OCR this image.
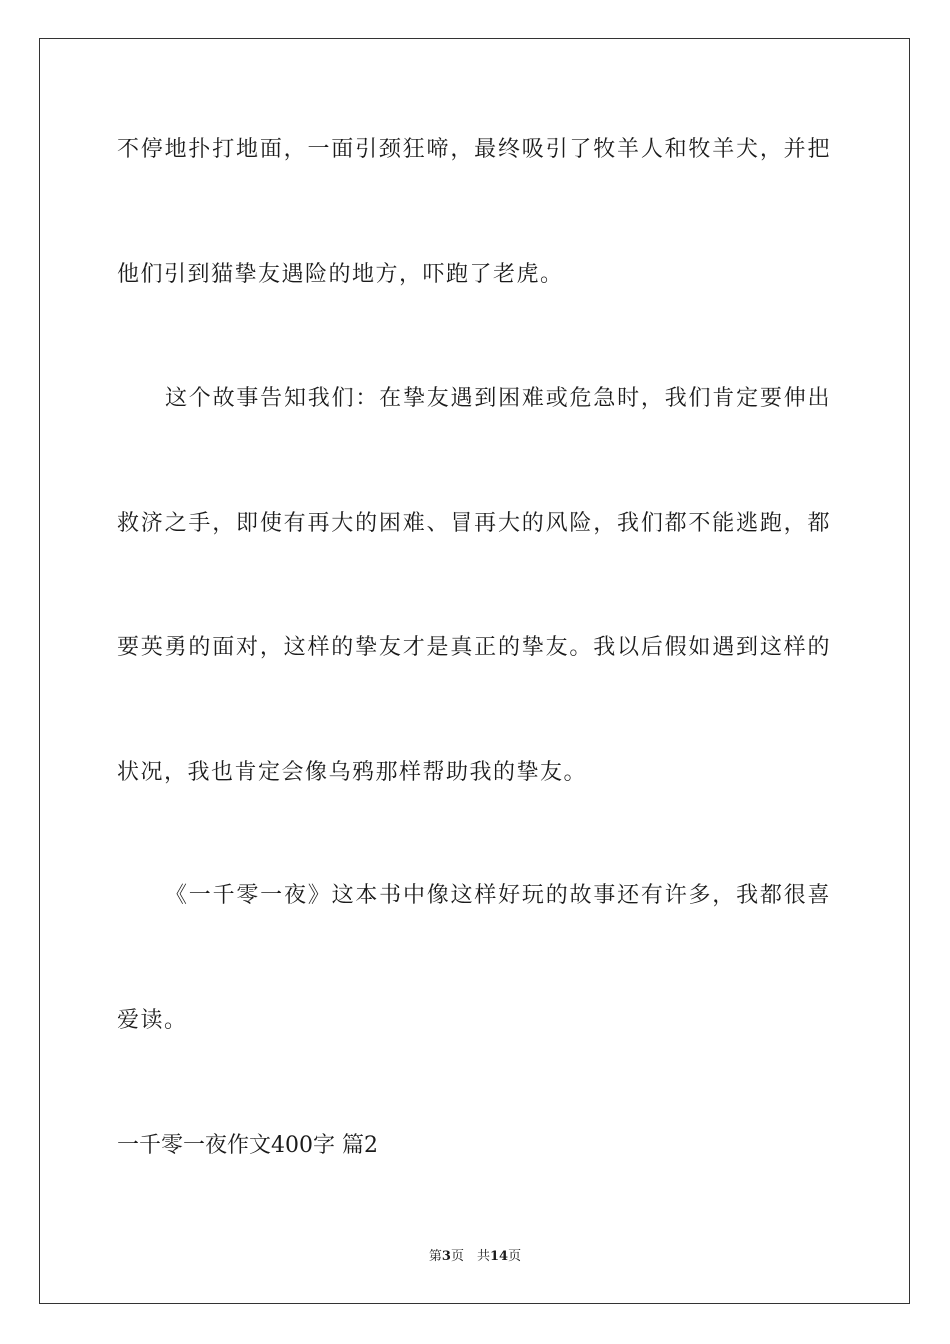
不停地扑打地面，一面引颈狂啼，最终吸引了牧羊人和牧羊犬，并把
他们引到猫挚友遇险的地方，吓跑了老虎。
这个故事告知我们：在挚友遇到困难或危急时，我们肯定要伸出
救济之手，即使有再大的困难、冒再大的风险，我们都不能逃跑，都
要英勇的面对，这样的挚友才是真正的挚友。我以后假如遇到这样的
状况，我也肯定会像乌鸦那样帮助我的挚友。
《一千零一夜》这本书中像这样好玩的故事还有许多，我都很喜
爱读。
一千零一夜作文400字 篇2
第3页　共14页
